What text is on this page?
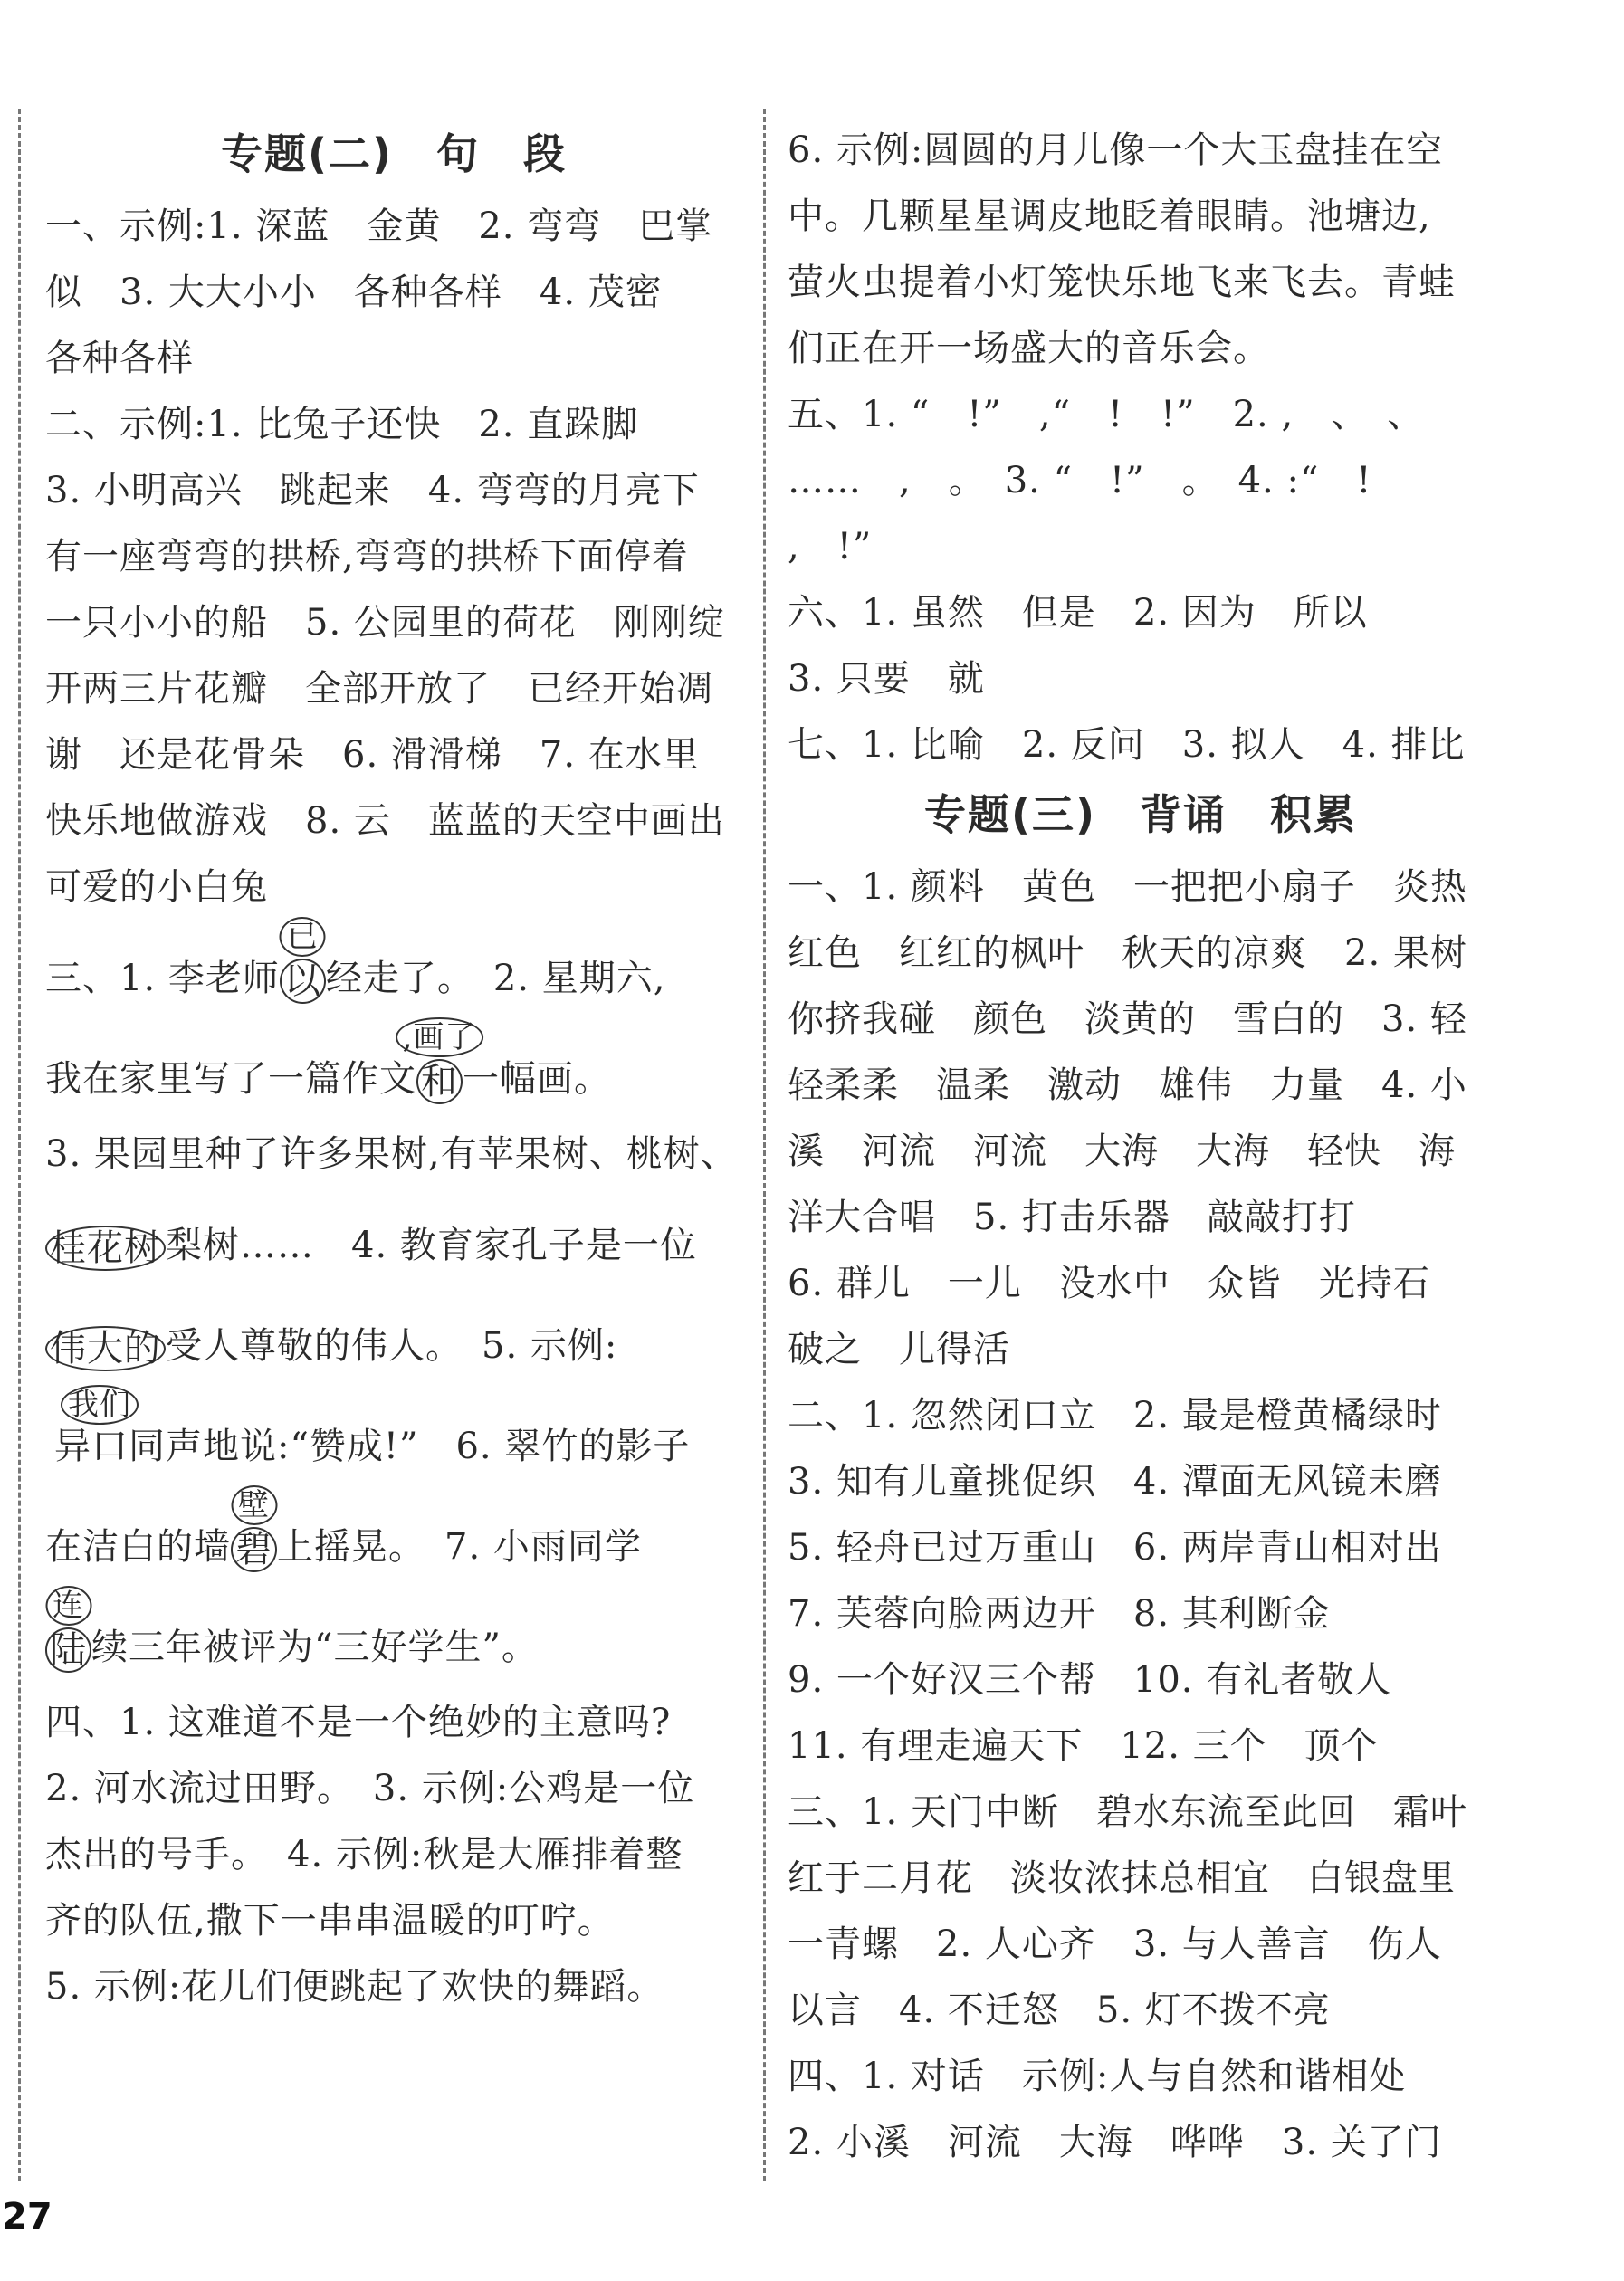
专题(二)　句　段
一、示例:1. 深蓝　金黄　2. 弯弯　巴掌
似　3. 大大小小　各种各样　4. 茂密
各种各样
二、示例:1. 比兔子还快　2. 直跺脚
3. 小明高兴　跳起来　4. 弯弯的月亮下
有一座弯弯的拱桥,弯弯的拱桥下面停着
一只小小的船　5. 公园里的荷花　刚刚绽
开两三片花瓣　全部开放了　已经开始凋
谢　还是花骨朵　6. 滑滑梯　7. 在水里
快乐地做游戏　8. 云　蓝蓝的天空中画出
可爱的小白兔
三、1. 李老师 以
已
经走了。　2. 星期六,
我在家里写了一篇作文 和
,画了
一幅画。
3. 果园里种了许多果树,有苹果树、桃树、
桂花树 梨树……　4. 教育家孔子是一位
伟大的 受人尊敬的伟人。　5. 示例:
我们
异口同声地说:“赞成!”　6. 翠竹的影子
在洁白的墙 碧
壁
上摇晃。　7. 小雨同学
陆
连
续三年被评为“三好学生”。
四、1. 这难道不是一个绝妙的主意吗?
2. 河水流过田野。　3. 示例:公鸡是一位
杰出的号手。　4. 示例:秋是大雁排着整
齐的队伍,撒下一串串温暖的叮咛。
5. 示例:花儿们便跳起了欢快的舞蹈。
6. 示例:圆圆的月儿像一个大玉盘挂在空
中。几颗星星调皮地眨着眼睛。池塘边,
萤火虫提着小灯笼快乐地飞来飞去。青蛙
们正在开一场盛大的音乐会。
五、1. “　!”　,“　!　!”　2. ,　、　、
……　,　。　3. “　!”　。　4. :“　!
,　!”
六、1. 虽然　但是　2. 因为　所以
3. 只要　就
七、1. 比喻　2. 反问　3. 拟人　4. 排比
专题(三)　背诵　积累
一、1. 颜料　黄色　一把把小扇子　炎热
红色　红红的枫叶　秋天的凉爽　2. 果树
你挤我碰　颜色　淡黄的　雪白的　3. 轻
轻柔柔　温柔　激动　雄伟　力量　4. 小
溪　河流　河流　大海　大海　轻快　海
洋大合唱　5. 打击乐器　敲敲打打
6. 群儿　一儿　没水中　众皆　光持石
破之　儿得活
二、1. 忽然闭口立　2. 最是橙黄橘绿时
3. 知有儿童挑促织　4. 潭面无风镜未磨
5. 轻舟已过万重山　6. 两岸青山相对出
7. 芙蓉向脸两边开　8. 其利断金
9. 一个好汉三个帮　10. 有礼者敬人
11. 有理走遍天下　12. 三个　顶个
三、1. 天门中断　碧水东流至此回　霜叶
红于二月花　淡妆浓抹总相宜　白银盘里
一青螺　2. 人心齐　3. 与人善言　伤人
以言　4. 不迁怒　5. 灯不拨不亮
四、1. 对话　示例:人与自然和谐相处
2. 小溪　河流　大海　哗哗　3. 关了门
27
